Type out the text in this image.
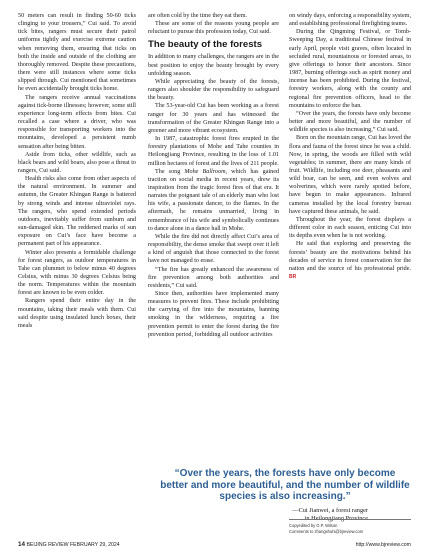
50 meters can result in finding 50-60 ticks clinging to your trousers,” Cui said. To avoid tick bites, rangers must secure their patrol uniforms tightly and exercise extreme caution when removing them, ensuring that ticks on both the inside and outside of the clothing are thoroughly removed. Despite these precautions, there were still instances where some ticks slipped through. Cui mentioned that sometimes he even accidentally brought ticks home.

The rangers receive annual vaccinations against tick-borne illnesses; however, some still experience long-term effects from bites. Cui recalled a case where a driver, who was responsible for transporting workers into the mountains, developed a persistent numb sensation after being bitten.

Aside from ticks, other wildlife, such as black bears and wild boars, also pose a threat to rangers, Cui said.

Health risks also come from other aspects of the natural environment. In summer and autumn, the Greater Khingan Range is battered by strong winds and intense ultraviolet rays. The rangers, who spend extended periods outdoors, inevitably suffer from sunburn and sun-damaged skin. The reddened marks of sun exposure on Cui’s face have become a permanent part of his appearance.

Winter also presents a formidable challenge for forest rangers, as outdoor temperatures in Tahe can plummet to below minus 40 degrees Celsius, with minus 30 degrees Celsius being the norm. Temperatures within the mountain forest are known to be even colder.

Rangers spend their entire day in the mountains, taking their meals with them. Cui said despite using insulated lunch boxes, their meals

are often cold by the time they eat them.

These are some of the reasons young people are reluctant to pursue this profession today, Cui said.

The beauty of the forests

In addition to many challenges, the rangers are in the best position to enjoy the beauty brought by every unfolding season.

While appreciating the beauty of the forests, rangers also shoulder the responsibility to safeguard the beauty.

The 53-year-old Cui has been working as a forest ranger for 30 years and has witnessed the transformation of the Greater Khingan Range into a greener and more vibrant ecosystem.

In 1987, catastrophic forest fires erupted in the forestry plantations of Mohe and Tahe counties in Heilongjiang Province, resulting in the loss of 1.01 million hectares of forest and the lives of 211 people.

The song Mohe Ballroom, which has gained traction on social media in recent years, drew its inspiration from the tragic forest fires of that era. It narrates the poignant tale of an elderly man who lost his wife, a passionate dancer, to the flames. In the aftermath, he remains unmarried, living in remembrance of his wife and symbolically continues to dance alone in a dance hall in Mohe.

While the fire did not directly affect Cui’s area of responsibility, the dense smoke that swept over it left a kind of anguish that those connected to the forest have not managed to erase.

“The fire has greatly enhanced the awareness of fire prevention among both authorities and residents,” Cui said.

Since then, authorities have implemented many measures to prevent fires. These include prohibiting the carrying of fire into the mountains, banning smoking in the wilderness, requiring a fire prevention permit to enter the forest during the fire prevention period, forbidding all outdoor activities

on windy days, enforcing a responsibility system, and establishing professional firefighting teams.

During the Qingming Festival, or Tomb-Sweeping Day, a traditional Chinese festival in early April, people visit graves, often located in secluded rural, mountainous or forested areas, to give offerings to honor their ancestors. Since 1987, burning offerings such as spirit money and incense has been prohibited. During the festival, forestry workers, along with the county and regional fire prevention officers, head to the mountains to enforce the ban.

“Over the years, the forests have only become better and more beautiful, and the number of wildlife species is also increasing,” Cui said.

Born on the mountain range, Cui has loved the flora and fauna of the forest since he was a child. Now, in spring, the woods are filled with wild vegetables; in summer, there are many kinds of fruit. Wildlife, including roe deer, pheasants and wild boar, can be seen, and even wolves and wolverines, which were rarely spotted before, have begun to make appearances. Infrared cameras installed by the local forestry bureau have captured these animals, he said.

Throughout the year, the forest displays a different color in each season, enticing Cui into its depths even when he is not working.

He said that exploring and preserving the forests’ beauty are the motivations behind his decades of service in forest conservation for the nation and the source of his professional pride. BR

“Over the years, the forests have only become better and more beautiful, and the number of wildlife species is also increasing.”
—Cui Jianwei, a forest ranger
in Heilongjiang Province
Copyedited by G.P. Wilson
Comments to zhangshuhi@bjreview.com
14 BEIJING REVIEW FEBRUARY 29, 2024	http://www.bjreview.com
